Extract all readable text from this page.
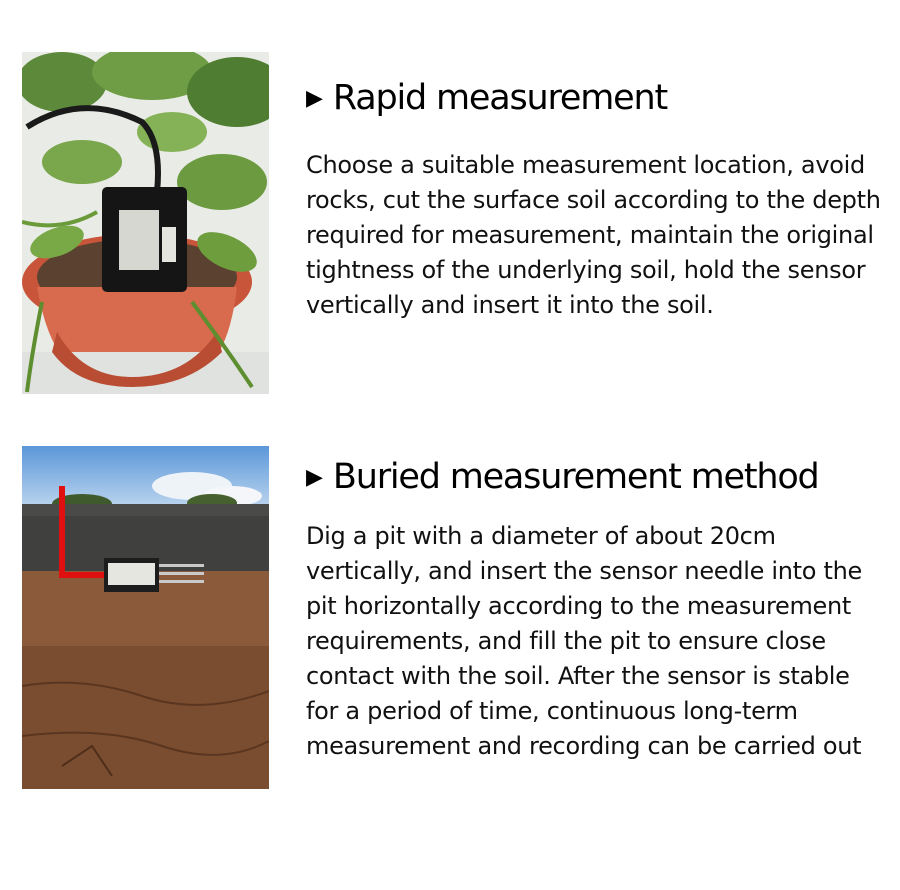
▶ Rapid measurement

Choose a suitable measurement location, avoid rocks, cut the surface soil according to the depth required for measurement, maintain the original tightness of the underlying soil, hold the sensor vertically and insert it into the soil.

▶ Buried measurement method

Dig a pit with a diameter of about 20cm vertically, and insert the sensor needle into the pit horizontally according to the measurement requirements, and fill the pit to ensure close contact with the soil. After the sensor is stable for a period of time, continuous long-term measurement and recording can be carried out
